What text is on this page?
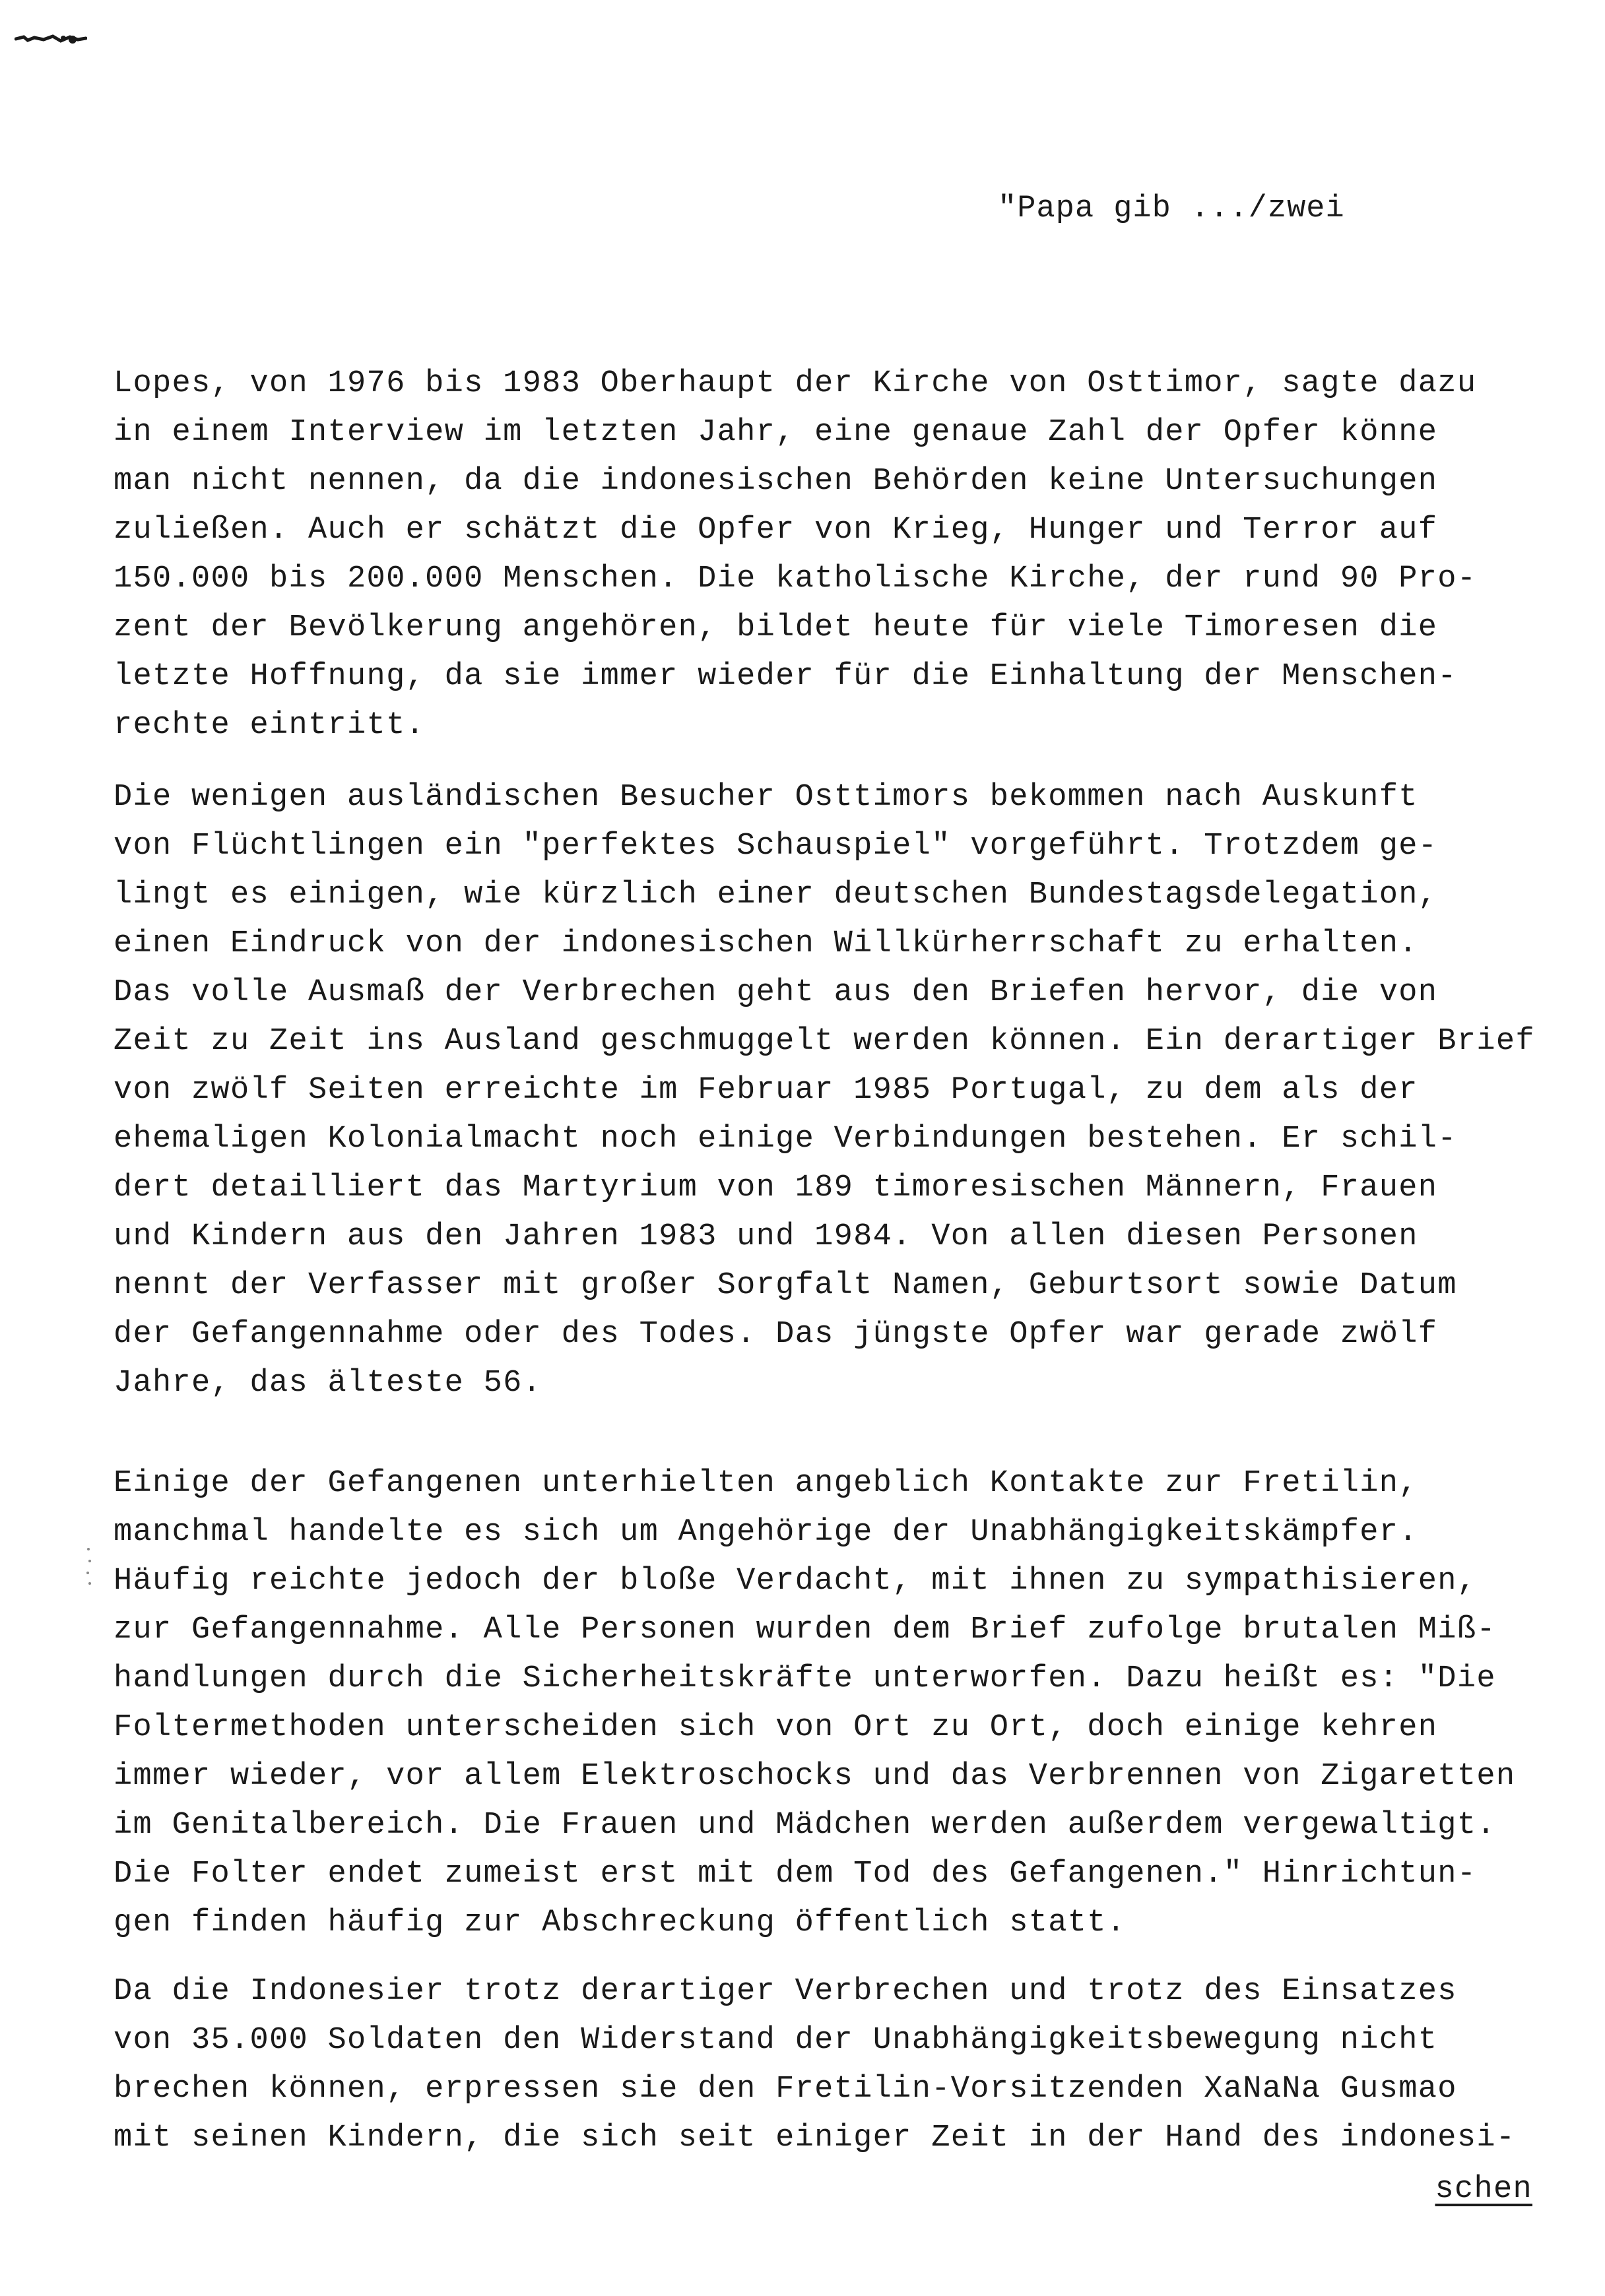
"Papa gib .../zwei
Lopes, von 1976 bis 1983 Oberhaupt der Kirche von Osttimor, sagte dazu
in einem Interview im letzten Jahr, eine genaue Zahl der Opfer könne
man nicht nennen, da die indonesischen Behörden keine Untersuchungen
zuließen. Auch er schätzt die Opfer von Krieg, Hunger und Terror auf
150.000 bis 200.000 Menschen. Die katholische Kirche, der rund 90 Pro-
zent der Bevölkerung angehören, bildet heute für viele Timoresen die
letzte Hoffnung, da sie immer wieder für die Einhaltung der Menschen-
rechte eintritt.
Die wenigen ausländischen Besucher Osttimors bekommen nach Auskunft
von Flüchtlingen ein "perfektes Schauspiel" vorgeführt. Trotzdem ge-
lingt es einigen, wie kürzlich einer deutschen Bundestagsdelegation,
einen Eindruck von der indonesischen Willkürherrschaft zu erhalten.
Das volle Ausmaß der Verbrechen geht aus den Briefen hervor, die von
Zeit zu Zeit ins Ausland geschmuggelt werden können. Ein derartiger Brief
von zwölf Seiten erreichte im Februar 1985 Portugal, zu dem als der
ehemaligen Kolonialmacht noch einige Verbindungen bestehen. Er schil-
dert detailliert das Martyrium von 189 timoresischen Männern, Frauen
und Kindern aus den Jahren 1983 und 1984. Von allen diesen Personen
nennt der Verfasser mit großer Sorgfalt Namen, Geburtsort sowie Datum
der Gefangennahme oder des Todes. Das jüngste Opfer war gerade zwölf
Jahre, das älteste 56.
Einige der Gefangenen unterhielten angeblich Kontakte zur Fretilin,
manchmal handelte es sich um Angehörige der Unabhängigkeitskämpfer.
Häufig reichte jedoch der bloße Verdacht, mit ihnen zu sympathisieren,
zur Gefangennahme. Alle Personen wurden dem Brief zufolge brutalen Miß-
handlungen durch die Sicherheitskräfte unterworfen. Dazu heißt es: "Die
Foltermethoden unterscheiden sich von Ort zu Ort, doch einige kehren
immer wieder, vor allem Elektroschocks und das Verbrennen von Zigaretten
im Genitalbereich. Die Frauen und Mädchen werden außerdem vergewaltigt.
Die Folter endet zumeist erst mit dem Tod des Gefangenen." Hinrichtun-
gen finden häufig zur Abschreckung öffentlich statt.
Da die Indonesier trotz derartiger Verbrechen und trotz des Einsatzes
von 35.000 Soldaten den Widerstand der Unabhängigkeitsbewegung nicht
brechen können, erpressen sie den Fretilin-Vorsitzenden XaNaNa Gusmao
mit seinen Kindern, die sich seit einiger Zeit in der Hand des indonesi-
schen
